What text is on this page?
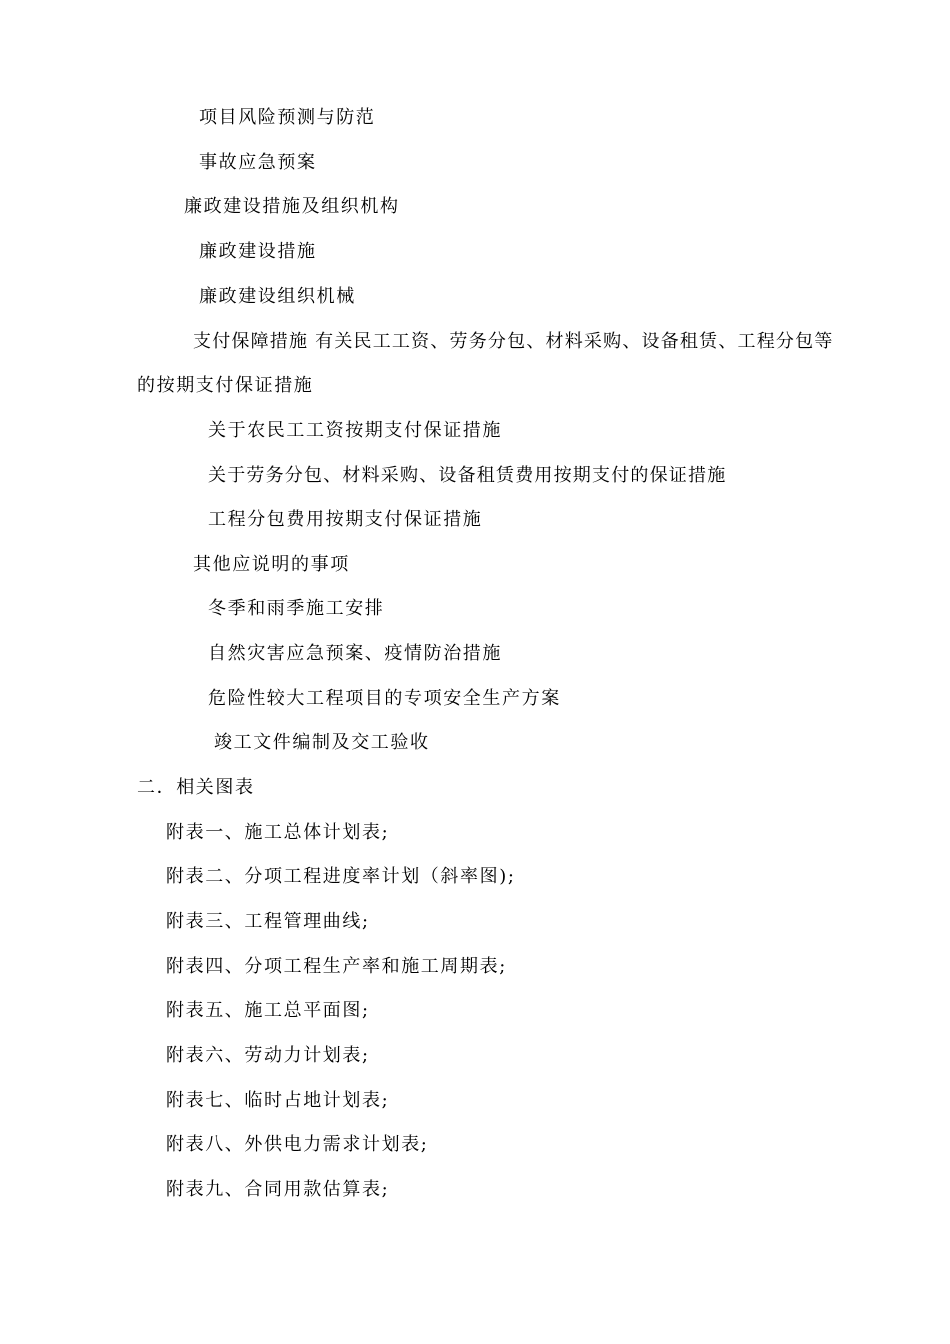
项目风险预测与防范
事故应急预案
廉政建设措施及组织机构
廉政建设措施
廉政建设组织机械
支付保障措施 有关民工工资、劳务分包、材料采购、设备租赁、工程分包等
的按期支付保证措施
关于农民工工资按期支付保证措施
关于劳务分包、材料采购、设备租赁费用按期支付的保证措施
工程分包费用按期支付保证措施
其他应说明的事项
冬季和雨季施工安排
自然灾害应急预案、疫情防治措施
危险性较大工程项目的专项安全生产方案
竣工文件编制及交工验收
二．相关图表
附表一、施工总体计划表;
附表二、分项工程进度率计划（斜率图);
附表三、工程管理曲线;
附表四、分项工程生产率和施工周期表;
附表五、施工总平面图;
附表六、劳动力计划表;
附表七、临时占地计划表;
附表八、外供电力需求计划表;
附表九、合同用款估算表;
